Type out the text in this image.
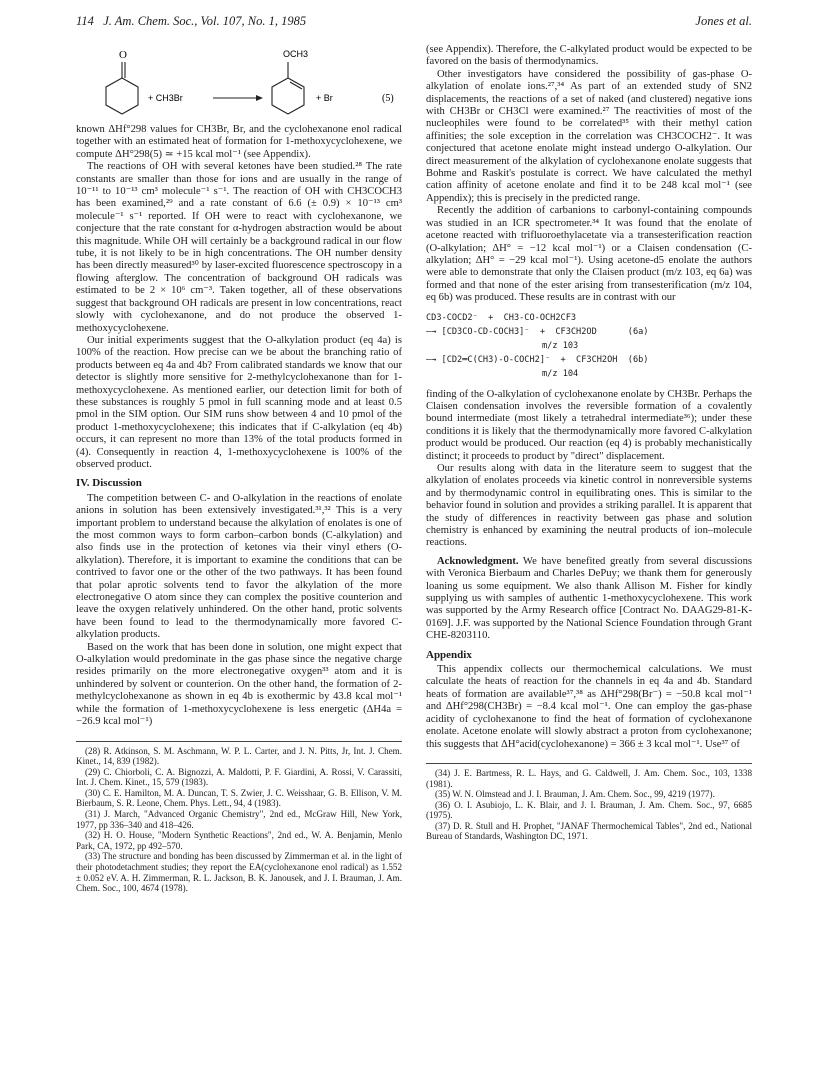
114 J. Am. Chem. Soc., Vol. 107, No. 1, 1985	Jones et al.
O
+ CH3Br
OCH3
+ Br	(5)

known ΔHf°298 values for CH3Br, Br, and the cyclohexanone enol radical together with an estimated heat of formation for 1-methoxycyclohexene, we compute ΔH°298(5) ≃ +15 kcal mol⁻¹ (see Appendix).

The reactions of OH with several ketones have been studied.²⁸ The rate constants are smaller than those for ions and are usually in the range of 10⁻¹¹ to 10⁻¹³ cm³ molecule⁻¹ s⁻¹. The reaction of OH with CH3COCH3 has been examined,²⁹ and a rate constant of 6.6 (± 0.9) × 10⁻¹³ cm³ molecule⁻¹ s⁻¹ reported. If OH were to react with cyclohexanone, we conjecture that the rate constant for α-hydrogen abstraction would be about this magnitude. While OH will certainly be a background radical in our flow tube, it is not likely to be in high concentrations. The OH number density has been directly measured³⁰ by laser-excited fluorescence spectroscopy in a flowing afterglow. The concentration of background OH radicals was estimated to be 2 × 10⁶ cm⁻³. Taken together, all of these observations suggest that background OH radicals are present in low concentrations, react slowly with cyclohexanone, and do not produce the observed 1-methoxycyclohexene.

Our initial experiments suggest that the O-alkylation product (eq 4a) is 100% of the reaction. How precise can we be about the branching ratio of products between eq 4a and 4b? From calibrated standards we know that our detector is slightly more sensitive for 2-methylcyclohexanone than for 1-methoxycyclohexene. As mentioned earlier, our detection limit for both of these substances is roughly 5 pmol in full scanning mode and at least 0.5 pmol in the SIM option. Our SIM runs show between 4 and 10 pmol of the product 1-methoxycyclohexene; this indicates that if C-alkylation (eq 4b) occurs, it can represent no more than 13% of the total products formed in (4). Consequently in reaction 4, 1-methoxycyclohexene is 100% of the observed product.

IV. Discussion

The competition between C- and O-alkylation in the reactions of enolate anions in solution has been extensively investigated.³¹,³² This is a very important problem to understand because the alkylation of enolates is one of the most common ways to form carbon–carbon bonds (C-alkylation) and also finds use in the protection of ketones via their vinyl ethers (O-alkylation). Therefore, it is important to examine the conditions that can be contrived to favor one or the other of the two pathways. It has been found that polar aprotic solvents tend to favor the alkylation of the more electronegative O atom since they can complex the positive counterion and leave the oxygen relatively unhindered. On the other hand, protic solvents have been found to lead to the thermodynamically more favored C-alkylation products.

Based on the work that has been done in solution, one might expect that O-alkylation would predominate in the gas phase since the negative charge resides primarily on the more electronegative oxygen³³ atom and it is unhindered by solvent or counterion. On the other hand, the formation of 2-methylcyclohexanone as shown in eq 4b is exothermic by 43.8 kcal mol⁻¹ while the formation of 1-methoxycyclohexene is less energetic (ΔH4a = −26.9 kcal mol⁻¹)

(28) R. Atkinson, S. M. Aschmann, W. P. L. Carter, and J. N. Pitts, Jr, Int. J. Chem. Kinet., 14, 839 (1982).
(29) C. Chiorboli, C. A. Bignozzi, A. Maldotti, P. F. Giardini, A. Rossi, V. Carassiti, Int. J. Chem. Kinet., 15, 579 (1983).
(30) C. E. Hamilton, M. A. Duncan, T. S. Zwier, J. C. Weisshaar, G. B. Ellison, V. M. Bierbaum, S. R. Leone, Chem. Phys. Lett., 94, 4 (1983).
(31) J. March, "Advanced Organic Chemistry", 2nd ed., McGraw Hill, New York, 1977, pp 336–340 and 418–426.
(32) H. O. House, "Modern Synthetic Reactions", 2nd ed., W. A. Benjamin, Menlo Park, CA, 1972, pp 492–570.
(33) The structure and bonding has been discussed by Zimmerman et al. in the light of their photodetachment studies; they report the EA(cyclohexanone enol radical) as 1.552 ± 0.052 eV. A. H. Zimmerman, R. L. Jackson, B. K. Janousek, and J. I. Brauman, J. Am. Chem. Soc., 100, 4674 (1978).

(see Appendix). Therefore, the C-alkylated product would be expected to be favored on the basis of thermodynamics.

Other investigators have considered the possibility of gas-phase O-alkylation of enolate ions.²⁷,³⁴ As part of an extended study of SN2 displacements, the reactions of a set of naked (and clustered) negative ions with CH3Br or CH3Cl were examined.²⁷ The reactivities of most of the nucleophiles were found to be correlated³⁵ with their methyl cation affinities; the sole exception in the correlation was CH3COCH2⁻. It was conjectured that acetone enolate might instead undergo O-alkylation. Our direct measurement of the alkylation of cyclohexanone enolate suggests that Bohme and Raskit's postulate is correct. We have calculated the methyl cation affinity of acetone enolate and find it to be 248 kcal mol⁻¹ (see Appendix); this is precisely in the predicted range.

Recently the addition of carbanions to carbonyl-containing compounds was studied in an ICR spectrometer.³⁴ It was found that the enolate of acetone reacted with trifluoroethylacetate via a transesterification reaction (O-alkylation; ΔH° = −12 kcal mol⁻¹) or a Claisen condensation (C-alkylation; ΔH° = −29 kcal mol⁻¹). Using acetone-d5 enolate the authors were able to demonstrate that only the Claisen product (m/z 103, eq 6a) was formed and that none of the ester arising from transesterification (m/z 104, eq 6b) was produced. These results are in contrast with our

CD3-COCD2⁻  +  CH3-CO-OCH2CF3
—→ [CD3CO-CD-COCH3]⁻  +  CF3CH2OD      (6a)
m/z 103
—→ [CD2═C(CH3)-O-COCH2]⁻  +  CF3CH2OH  (6b)
m/z 104

finding of the O-alkylation of cyclohexanone enolate by CH3Br. Perhaps the Claisen condensation involves the reversible formation of a covalently bound intermediate (most likely a tetrahedral intermediate³⁶); under these conditions it is likely that the thermodynamically more favored C-alkylation product would be produced. Our reaction (eq 4) is probably mechanistically distinct; it proceeds to product by "direct" displacement.

Our results along with data in the literature seem to suggest that the alkylation of enolates proceeds via kinetic control in nonreversible systems and by thermodynamic control in equilibrating ones. This is similar to the behavior found in solution and provides a striking parallel. It is apparent that the study of differences in reactivity between gas phase and solution chemistry is enhanced by examining the neutral products of ion–molecule reactions.

Acknowledgment. We have benefited greatly from several discussions with Veronica Bierbaum and Charles DePuy; we thank them for generously loaning us some equipment. We also thank Allison M. Fisher for kindly supplying us with samples of authentic 1-methoxycyclohexene. This work was supported by the Army Research office [Contract No. DAAG29-81-K-0169]. J.F. was supported by the National Science Foundation through Grant CHE-8203110.

Appendix

This appendix collects our thermochemical calculations. We must calculate the heats of reaction for the channels in eq 4a and 4b. Standard heats of formation are available³⁷,³⁸ as ΔHf°298(Br⁻) = −50.8 kcal mol⁻¹ and ΔHf°298(CH3Br) = −8.4 kcal mol⁻¹. One can employ the gas-phase acidity of cyclohexanone to find the heat of formation of cyclohexanone enolate. Acetone enolate will slowly abstract a proton from cyclohexanone; this suggests that ΔH°acid(cyclohexanone) = 366 ± 3 kcal mol⁻¹. Use³⁷ of

(34) J. E. Bartmess, R. L. Hays, and G. Caldwell, J. Am. Chem. Soc., 103, 1338 (1981).
(35) W. N. Olmstead and J. I. Brauman, J. Am. Chem. Soc., 99, 4219 (1977).
(36) O. I. Asubiojo, L. K. Blair, and J. I. Brauman, J. Am. Chem. Soc., 97, 6685 (1975).
(37) D. R. Stull and H. Prophet, "JANAF Thermochemical Tables", 2nd ed., National Bureau of Standards, Washington DC, 1971.
